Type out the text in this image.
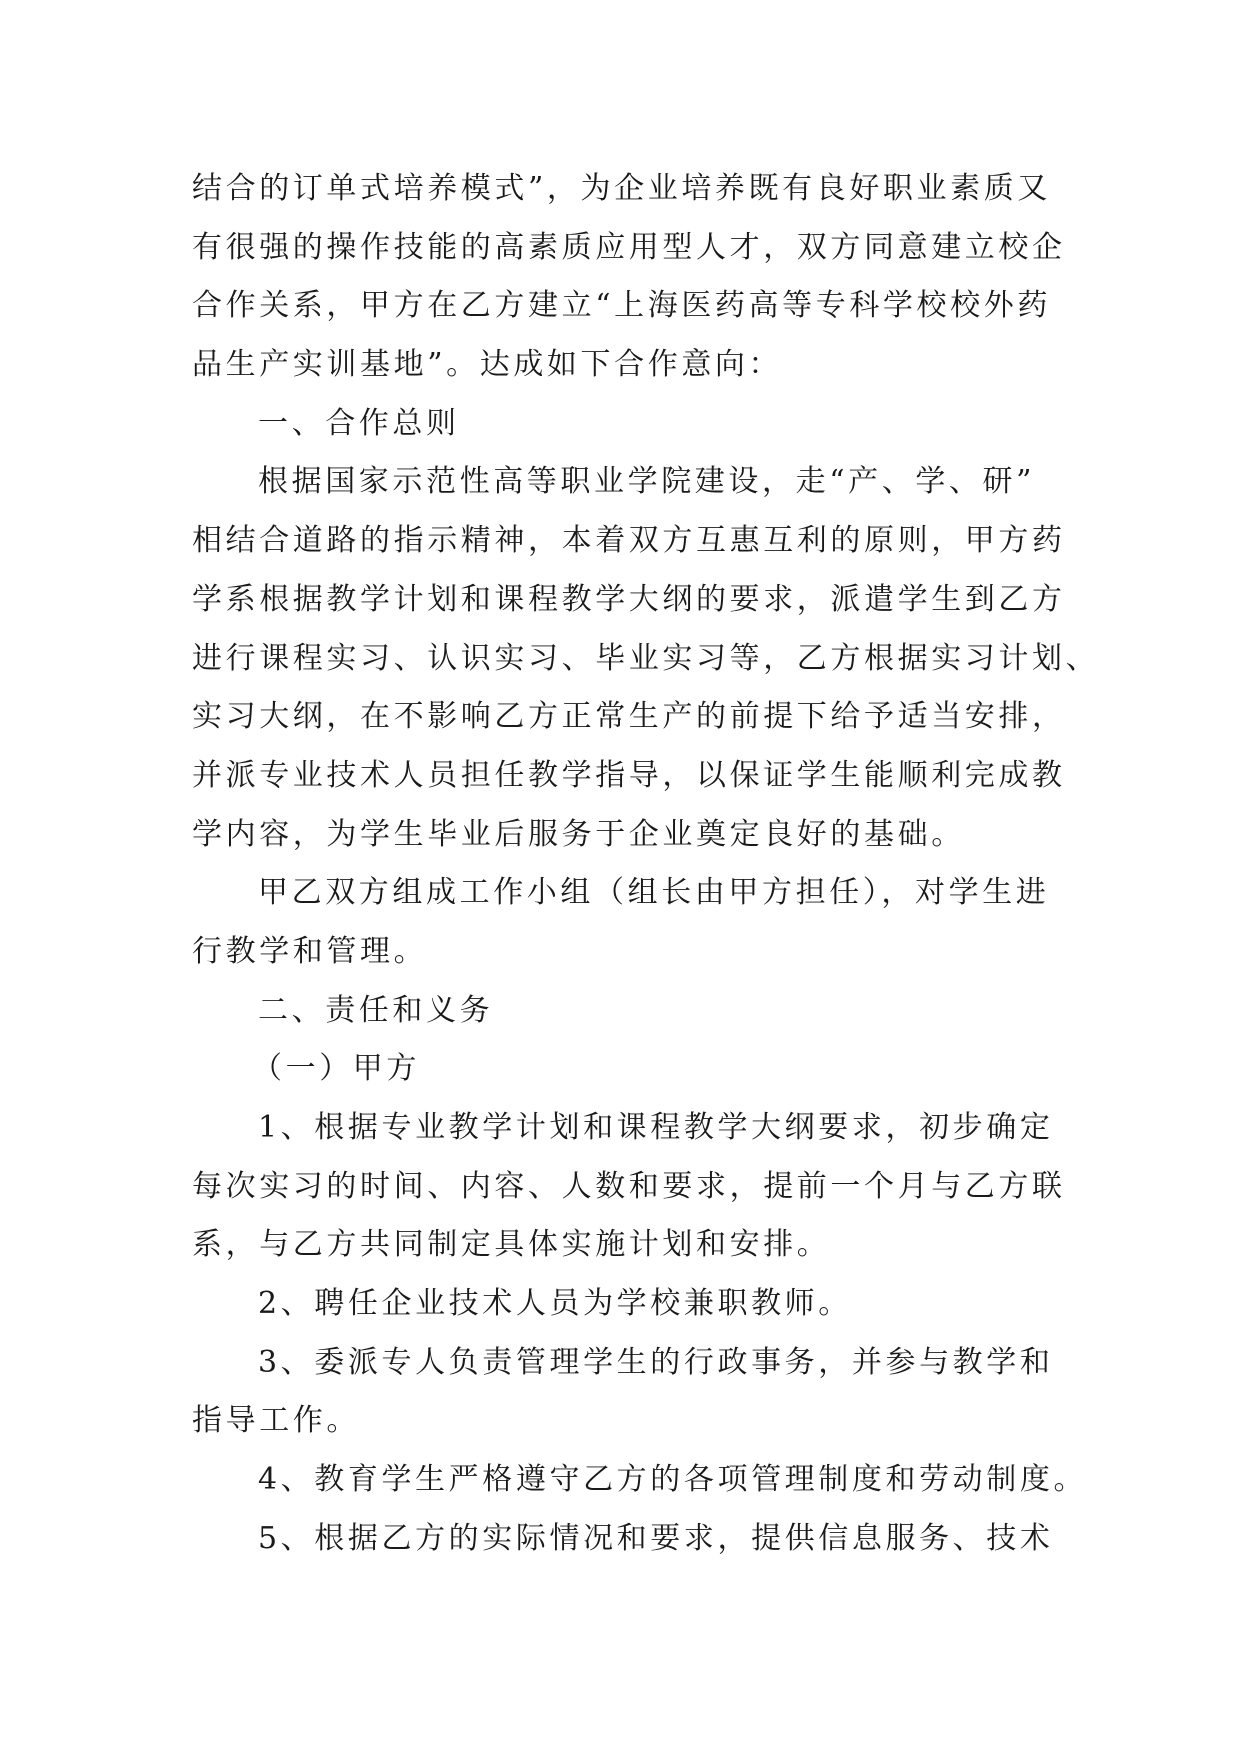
结合的订单式培养模式”，为企业培养既有良好职业素质又
有很强的操作技能的高素质应用型人才，双方同意建立校企
合作关系，甲方在乙方建立“上海医药高等专科学校校外药
品生产实训基地”。达成如下合作意向：
一、合作总则
根据国家示范性高等职业学院建设，走“产、学、研”
相结合道路的指示精神，本着双方互惠互利的原则，甲方药
学系根据教学计划和课程教学大纲的要求，派遣学生到乙方
进行课程实习、认识实习、毕业实习等，乙方根据实习计划、
实习大纲，在不影响乙方正常生产的前提下给予适当安排，
并派专业技术人员担任教学指导，以保证学生能顺利完成教
学内容，为学生毕业后服务于企业奠定良好的基础。
甲乙双方组成工作小组（组长由甲方担任），对学生进
行教学和管理。
二、责任和义务
（一）甲方
1、根据专业教学计划和课程教学大纲要求，初步确定
每次实习的时间、内容、人数和要求，提前一个月与乙方联
系，与乙方共同制定具体实施计划和安排。
2、聘任企业技术人员为学校兼职教师。
3、委派专人负责管理学生的行政事务，并参与教学和
指导工作。
4、教育学生严格遵守乙方的各项管理制度和劳动制度。
5、根据乙方的实际情况和要求，提供信息服务、技术
